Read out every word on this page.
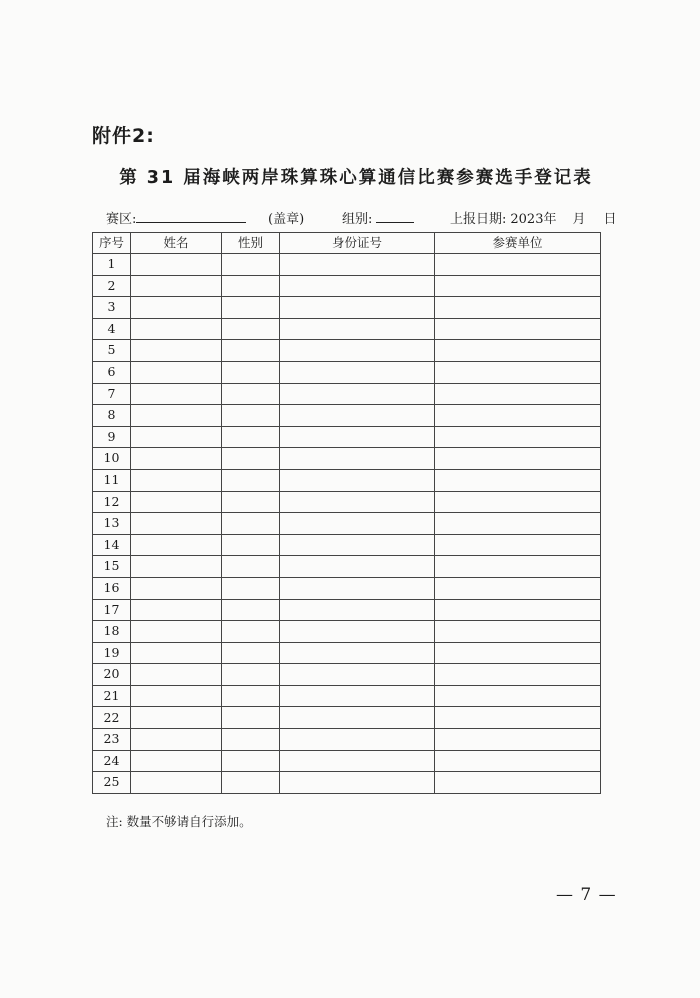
附件2:
第 31 届海峡两岸珠算珠心算通信比赛参赛选手登记表
赛区:	(盖章)	组别:	上报日期: 2023年 月 日
序号	姓名	性别	身份证号	参赛单位
1				
2				
3				
4				
5				
6				
7				
8				
9				
10				
11				
12				
13				
14				
15				
16				
17				
18				
19				
20				
21				
22				
23				
24				
25				
注: 数量不够请自行添加。
— 7 —
